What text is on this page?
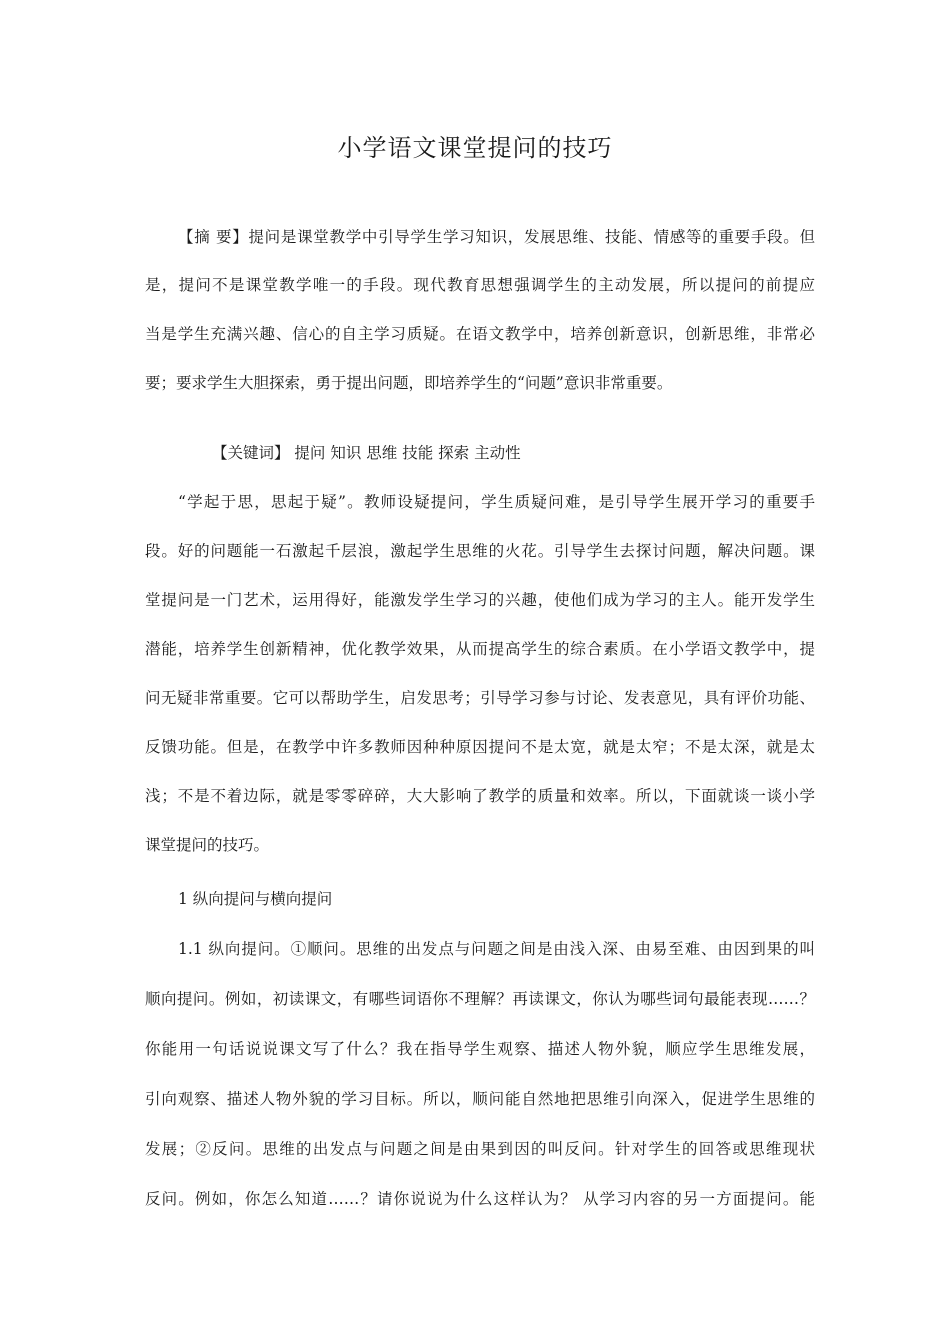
小学语文课堂提问的技巧
【摘 要】提问是课堂教学中引导学生学习知识，发展思维、技能、情感等的重要手段。但
是，提问不是课堂教学唯一的手段。现代教育思想强调学生的主动发展，所以提问的前提应
当是学生充满兴趣、信心的自主学习质疑。在语文教学中，培养创新意识，创新思维，非常必
要；要求学生大胆探索，勇于提出问题，即培养学生的“问题”意识非常重要。
【关键词】 提问 知识 思维 技能 探索 主动性
“学起于思，思起于疑”。教师设疑提问，学生质疑问难，是引导学生展开学习的重要手
段。好的问题能一石激起千层浪，激起学生思维的火花。引导学生去探讨问题，解决问题。课
堂提问是一门艺术，运用得好，能激发学生学习的兴趣，使他们成为学习的主人。能开发学生
潜能，培养学生创新精神，优化教学效果，从而提高学生的综合素质。在小学语文教学中，提
问无疑非常重要。它可以帮助学生，启发思考；引导学习参与讨论、发表意见，具有评价功能、
反馈功能。但是，在教学中许多教师因种种原因提问不是太宽，就是太窄；不是太深，就是太
浅；不是不着边际，就是零零碎碎，大大影响了教学的质量和效率。所以，下面就谈一谈小学
课堂提问的技巧。
1 纵向提问与横向提问
1.1 纵向提问。①顺问。思维的出发点与问题之间是由浅入深、由易至难、由因到果的叫
顺向提问。例如，初读课文，有哪些词语你不理解？再读课文，你认为哪些词句最能表现……？
你能用一句话说说课文写了什么？我在指导学生观察、描述人物外貌，顺应学生思维发展，
引向观察、描述人物外貌的学习目标。所以，顺问能自然地把思维引向深入，促进学生思维的
发展；②反问。思维的出发点与问题之间是由果到因的叫反问。针对学生的回答或思维现状
反问。例如，你怎么知道……？请你说说为什么这样认为？ 从学习内容的另一方面提问。能
